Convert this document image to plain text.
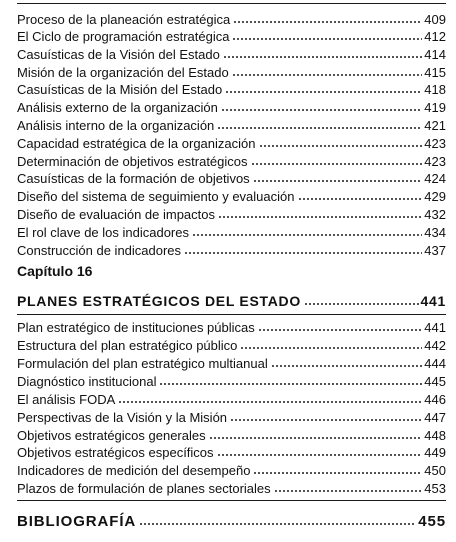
Proceso de la planeación estratégica	409
El Ciclo de programación estratégica	412
Casuísticas de la Visión del Estado	414
Misión de la organización del Estado	415
Casuísticas de la Misión del Estado	418
Análisis externo de la organización	419
Análisis interno de la organización	421
Capacidad estratégica de la organización	423
Determinación de objetivos estratégicos	423
Casuísticas de la formación de objetivos	424
Diseño del sistema de seguimiento y evaluación	429
Diseño de evaluación de impactos	432
El rol clave de los indicadores	434
Construcción de indicadores	437
Capítulo 16
PLANES ESTRATÉGICOS DEL ESTADO	441
Plan estratégico de instituciones públicas	441
Estructura del plan estratégico público	442
Formulación del plan estratégico multianual	444
Diagnóstico institucional	445
El análisis FODA	446
Perspectivas de la Visión y la Misión	447
Objetivos estratégicos generales	448
Objetivos estratégicos específicos	449
Indicadores de medición del desempeño	450
Plazos de formulación de planes sectoriales	453
BIBLIOGRAFÍA	455
